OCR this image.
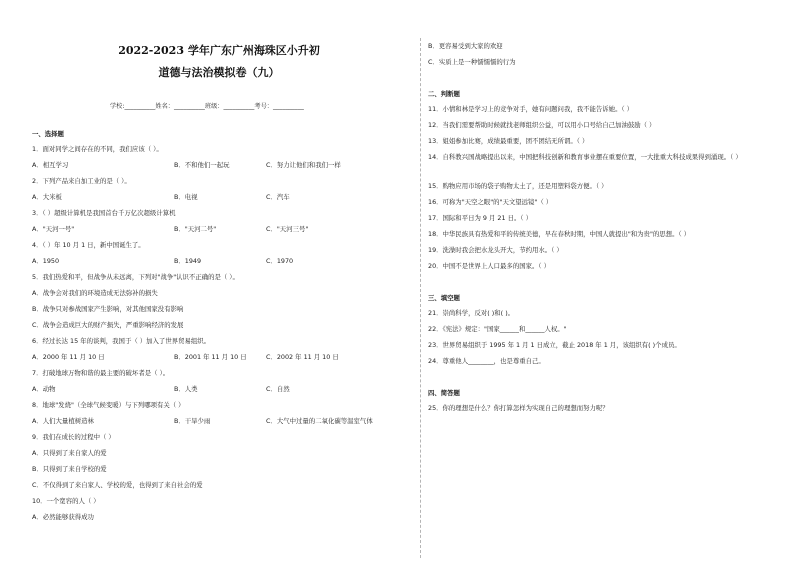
2022-2023 学年广东广州海珠区小升初
道德与法治模拟卷（九）
学校:__________姓名：__________班级：__________考号：__________
一、选择题
1．面对同学之间存在的不同，我们应该（ ）。
A．相互学习	B．不和他们一起玩	C．努力让他们和我们一样
2．下列产品来自加工业的是（ ）。
A．大米板	B．电视	C．汽车
3．（ ）超级计算机是我国首台千万亿次超级计算机
A．"天河一号"	B．"天河二号"	C．"天河三号"
4．（ ）年 10 月 1 日，新中国诞生了。
A．1950	B．1949	C．1970
5．我们热爱和平，但战争从未远离，下列对"战争"认识不正确的是（ ）。
A．战争会对我们的环境造成无法弥补的损失
B．战争只对参战国家产生影响，对其他国家没有影响
C．战争会造成巨大的财产损失，严重影响经济的发展
6．经过长达 15 年的谈判，我国于（ ）加入了世界贸易组织。
A．2000 年 11 月 10 日	B．2001 年 11 月 10 日	C．2002 年 11 月 10 日
7．打破地球万物和谐的最主要的破坏者是（ ）。
A．动物	B．人类	C．自然
8．地球"发烧"（全球气候变暖）与下列哪项有关（ ）
A．人们大量植树造林	B．干旱少雨	C．大气中过量的二氧化碳等温室气体
9．我们在成长的过程中（ ）
A．只得到了来自家人的爱
B．只得到了来自学校的爱
C．不仅得到了来自家人、学校的爱，也得到了来自社会的爱
10．一个宽容的人（ ）
A．必然能够获得成功
B．更容易受到大家的欢迎
C．实质上是一种懦懦懦的行为
二、判断题
11．小情和林是学习上的竞争对手，她有问题问我，我不能告诉她。（ ）
12．当我们需要帮助时候就找老师组织公益，可以用小口号给自己加油鼓励（ ）
13．姐姐参加比赛，成绩最重要，团不团结无所谓。（ ）
14．自科教兴国战略提出以来，中国把科技创新和教育事业摆在重要位置，一大批重大科技成果得到涌现。（ ）
15．购物应用市场的袋子购物太土了，还是用塑料袋方便。（ ）
16．可称为"天空之眼"的"天文望远镜"（ ）
17．国际和平日为 9 月 21 日。（ ）
18．中华民族具有热爱和平的传统美德，早在春秋时期，中国人就提出"和为贵"的思想。（ ）
19．洗澡时我会把水龙头开大，节约用水。（ ）
20．中国不是世界上人口最多的国家。（ ）
三、填空题
21．崇尚科学，反对( )和( )。
22．《宪法》规定："国家______和______人权。"
23．世界贸易组织于 1995 年 1 月 1 日成立，截止 2018 年 1 月，该组织有( )个成员。
24．尊重他人________，也是尊重自己。
四、简答题
25．你的理想是什么？你打算怎样为实现自己的理想而努力呢？
